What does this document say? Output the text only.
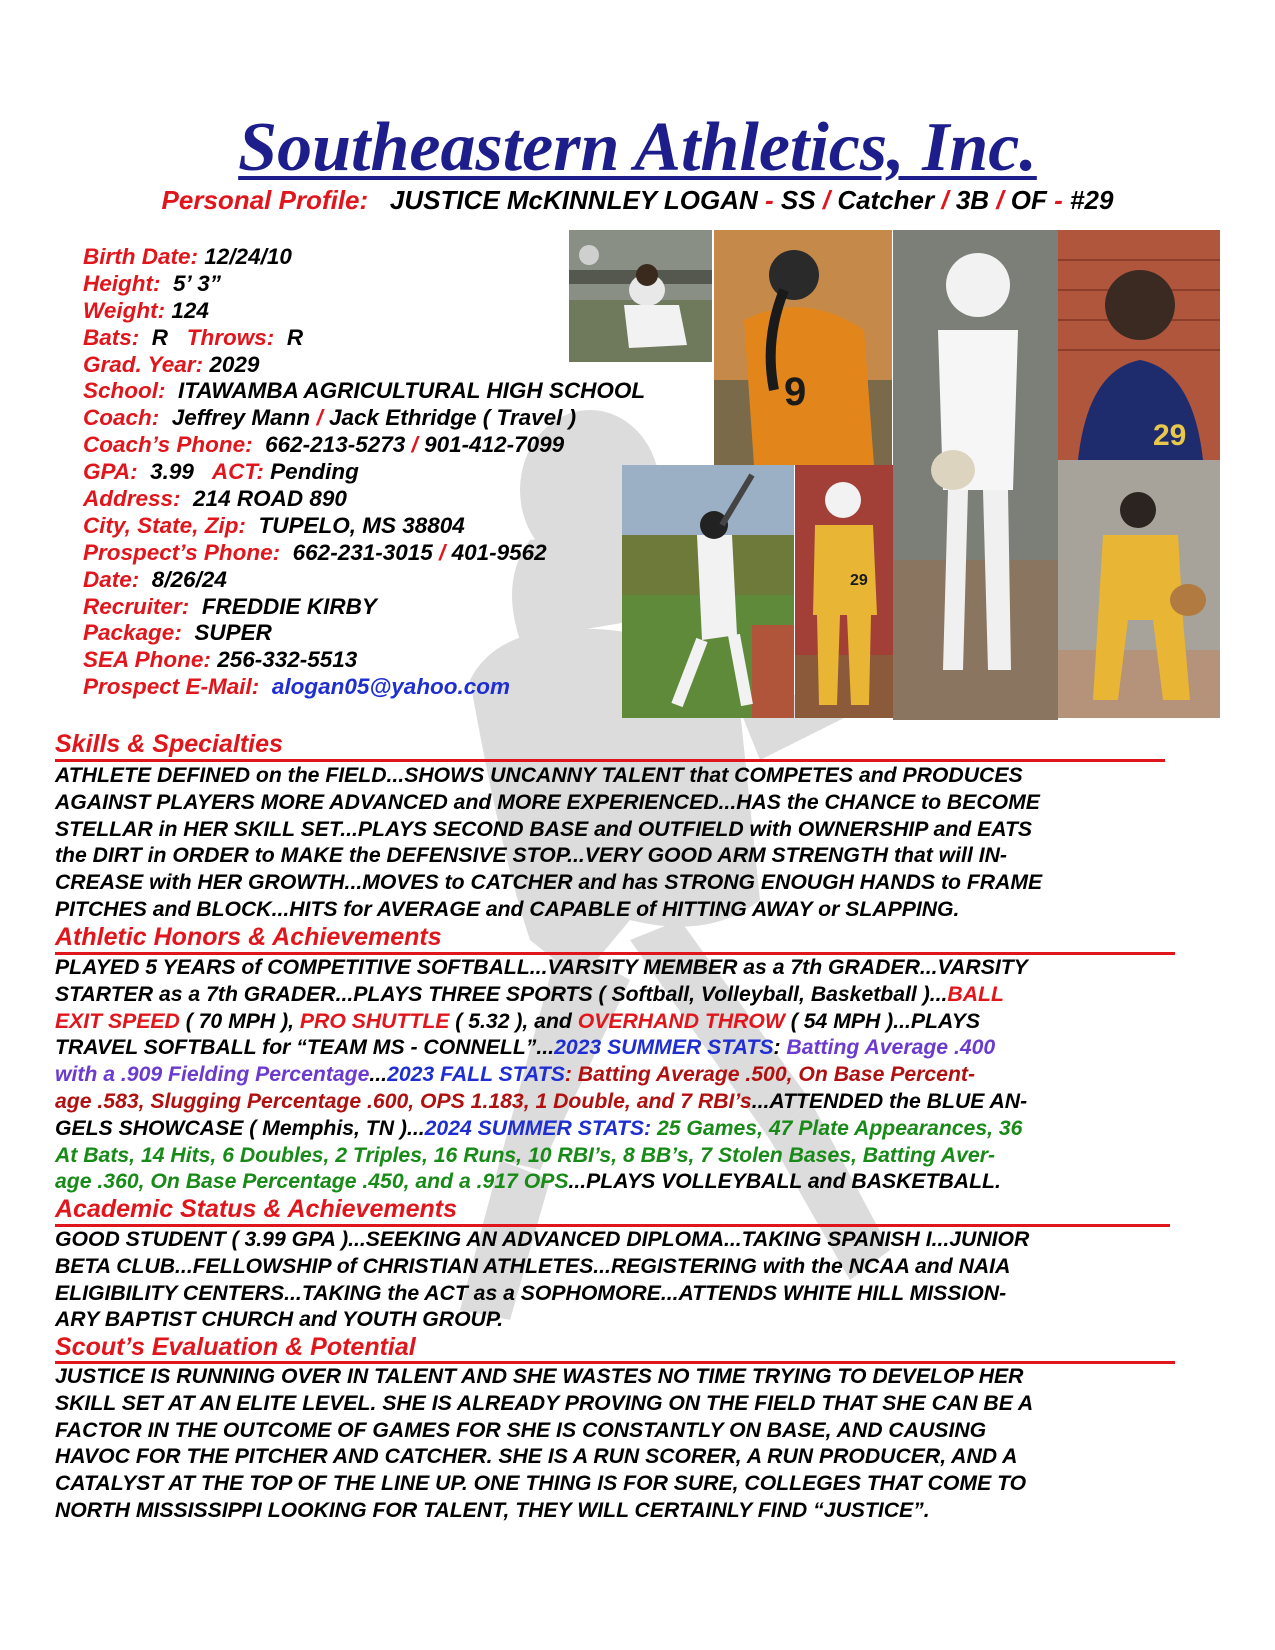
Southeastern Athletics, Inc.
Personal Profile: JUSTICE McKINNLEY LOGAN - SS / Catcher / 3B / OF - #29
Birth Date: 12/24/10
Height: 5’ 3”
Weight: 124
Bats: R Throws: R
Grad. Year: 2029
School: ITAWAMBA AGRICULTURAL HIGH SCHOOL
Coach: Jeffrey Mann / Jack Ethridge ( Travel )
Coach’s Phone: 662-213-5273 / 901-412-7099
GPA: 3.99 ACT: Pending
Address: 214 ROAD 890
City, State, Zip: TUPELO, MS 38804
Prospect’s Phone: 662-231-3015 / 401-9562
Date: 8/26/24
Recruiter: FREDDIE KIRBY
Package: SUPER
SEA Phone: 256-332-5513
Prospect E-Mail: alogan05@yahoo.com
9
29
29
Skills & Specialties
ATHLETE DEFINED on the FIELD...SHOWS UNCANNY TALENT that COMPETES and PRODUCES
AGAINST PLAYERS MORE ADVANCED and MORE EXPERIENCED...HAS the CHANCE to BECOME
STELLAR in HER SKILL SET...PLAYS SECOND BASE and OUTFIELD with OWNERSHIP and EATS
the DIRT in ORDER to MAKE the DEFENSIVE STOP...VERY GOOD ARM STRENGTH that will IN-
CREASE with HER GROWTH...MOVES to CATCHER and has STRONG ENOUGH HANDS to FRAME
PITCHES and BLOCK...HITS for AVERAGE and CAPABLE of HITTING AWAY or SLAPPING.
Athletic Honors & Achievements
PLAYED 5 YEARS of COMPETITIVE SOFTBALL...VARSITY MEMBER as a 7th GRADER...VARSITY
STARTER as a 7th GRADER...PLAYS THREE SPORTS ( Softball, Volleyball, Basketball )...BALL
EXIT SPEED ( 70 MPH ), PRO SHUTTLE ( 5.32 ), and OVERHAND THROW ( 54 MPH )...PLAYS
TRAVEL SOFTBALL for “TEAM MS - CONNELL”...2023 SUMMER STATS: Batting Average .400
with a .909 Fielding Percentage...2023 FALL STATS: Batting Average .500, On Base Percent-
age .583, Slugging Percentage .600, OPS 1.183, 1 Double, and 7 RBI’s...ATTENDED the BLUE AN-
GELS SHOWCASE ( Memphis, TN )...2024 SUMMER STATS: 25 Games, 47 Plate Appearances, 36
At Bats, 14 Hits, 6 Doubles, 2 Triples, 16 Runs, 10 RBI’s, 8 BB’s, 7 Stolen Bases, Batting Aver-
age .360, On Base Percentage .450, and a .917 OPS...PLAYS VOLLEYBALL and BASKETBALL.
Academic Status & Achievements
GOOD STUDENT ( 3.99 GPA )...SEEKING AN ADVANCED DIPLOMA...TAKING SPANISH I...JUNIOR
BETA CLUB...FELLOWSHIP of CHRISTIAN ATHLETES...REGISTERING with the NCAA and NAIA
ELIGIBILITY CENTERS...TAKING the ACT as a SOPHOMORE...ATTENDS WHITE HILL MISSION-
ARY BAPTIST CHURCH and YOUTH GROUP.
Scout’s Evaluation & Potential
JUSTICE IS RUNNING OVER IN TALENT AND SHE WASTES NO TIME TRYING TO DEVELOP HER
SKILL SET AT AN ELITE LEVEL. SHE IS ALREADY PROVING ON THE FIELD THAT SHE CAN BE A
FACTOR IN THE OUTCOME OF GAMES FOR SHE IS CONSTANTLY ON BASE, AND CAUSING
HAVOC FOR THE PITCHER AND CATCHER. SHE IS A RUN SCORER, A RUN PRODUCER, AND A
CATALYST AT THE TOP OF THE LINE UP. ONE THING IS FOR SURE, COLLEGES THAT COME TO
NORTH MISSISSIPPI LOOKING FOR TALENT, THEY WILL CERTAINLY FIND “JUSTICE”.
